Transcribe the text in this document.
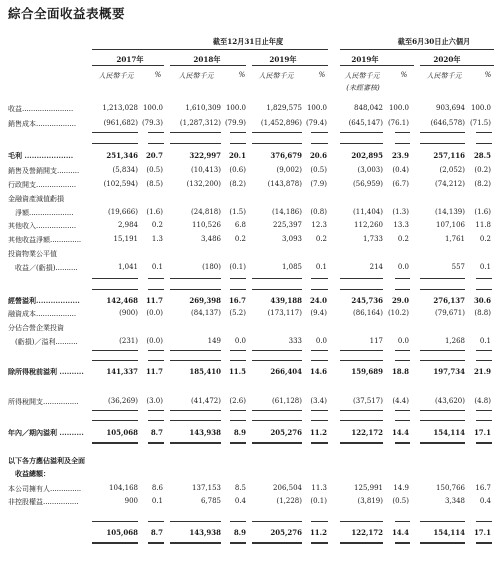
綜合全面收益表概要
截至12月31日止年度	截至6月30日止六個月
2017年	2018年	2019年	2019年	2020年
人民幣千元	%	人民幣千元	%	人民幣千元	%	人民幣千元	%	人民幣千元	%
(未經審核)
收益.......................	1,213,028 100.0	1,610,309 100.0	1,829,575 100.0	848,042 100.0	903,694 100.0
銷售成本..................	(961,682) (79.3) (1,287,312) (79.9) (1,452,896) (79.4)	(645,147) (76.1)	(646,578) (71.5)
毛利 ....................	251,346 20.7	322,997 20.1	376,679 20.6	202,895 23.9	257,116 28.5
銷售及營銷開支..........	(5,834) (0.5)	(10,413) (0.6)	(9,002) (0.5)	(3,003) (0.4)	(2,052) (0.2)
行政開支..................	(102,594) (8.5)	(132,200) (8.2)	(143,878) (7.9)	(56,959) (6.7)	(74,212) (8.2)
金融資產減值虧損
　淨額....................	(19,666) (1.6)	(24,818) (1.5)	(14,186) (0.8)	(11,404) (1.3)	(14,139) (1.6)
其他收入..................	2,984 0.2	110,526 6.8	225,397 12.3	112,260 13.3	107,106 11.8
其他收益淨額..............	15,191 1.3	3,486 0.2	3,093 0.2	1,733 0.2	1,761 0.2
投資物業公平值
　收益／(虧損)..........	1,041 0.1	(180) (0.1)	1,085 0.1	214 0.0	557 0.1
經營溢利..................	142,468 11.7	269,398 16.7	439,188 24.0	245,736 29.0	276,137 30.6
融資成本..................	(900) (0.0)	(84,137) (5.2)	(173,117) (9.4)	(86,164) (10.2)	(79,671) (8.8)
分佔合營企業投資
　(虧損)／溢利..........	(231) (0.0)	149 0.0	333 0.0	117 0.0	1,268 0.1
除所得稅前溢利 ..........	141,337 11.7	185,410 11.5	266,404 14.6	159,689 18.8	197,734 21.9
所得稅開支................	(36,269) (3.0)	(41,472) (2.6)	(61,128) (3.4)	(37,517) (4.4)	(43,620) (4.8)
年內／期內溢利 ..........	105,068 8.7	143,938 8.9	205,276 11.2	122,172 14.4	154,114 17.1
以下各方應佔溢利及全面
　收益總額：
本公司擁有人..............	104,168 8.6	137,153 8.5	206,504 11.3	125,991 14.9	150,766 16.7
非控股權益................	900 0.1	6,785 0.4	(1,228) (0.1)	(3,819) (0.5)	3,348 0.4
105,068 8.7	143,938 8.9	205,276 11.2	122,172 14.4	154,114 17.1
